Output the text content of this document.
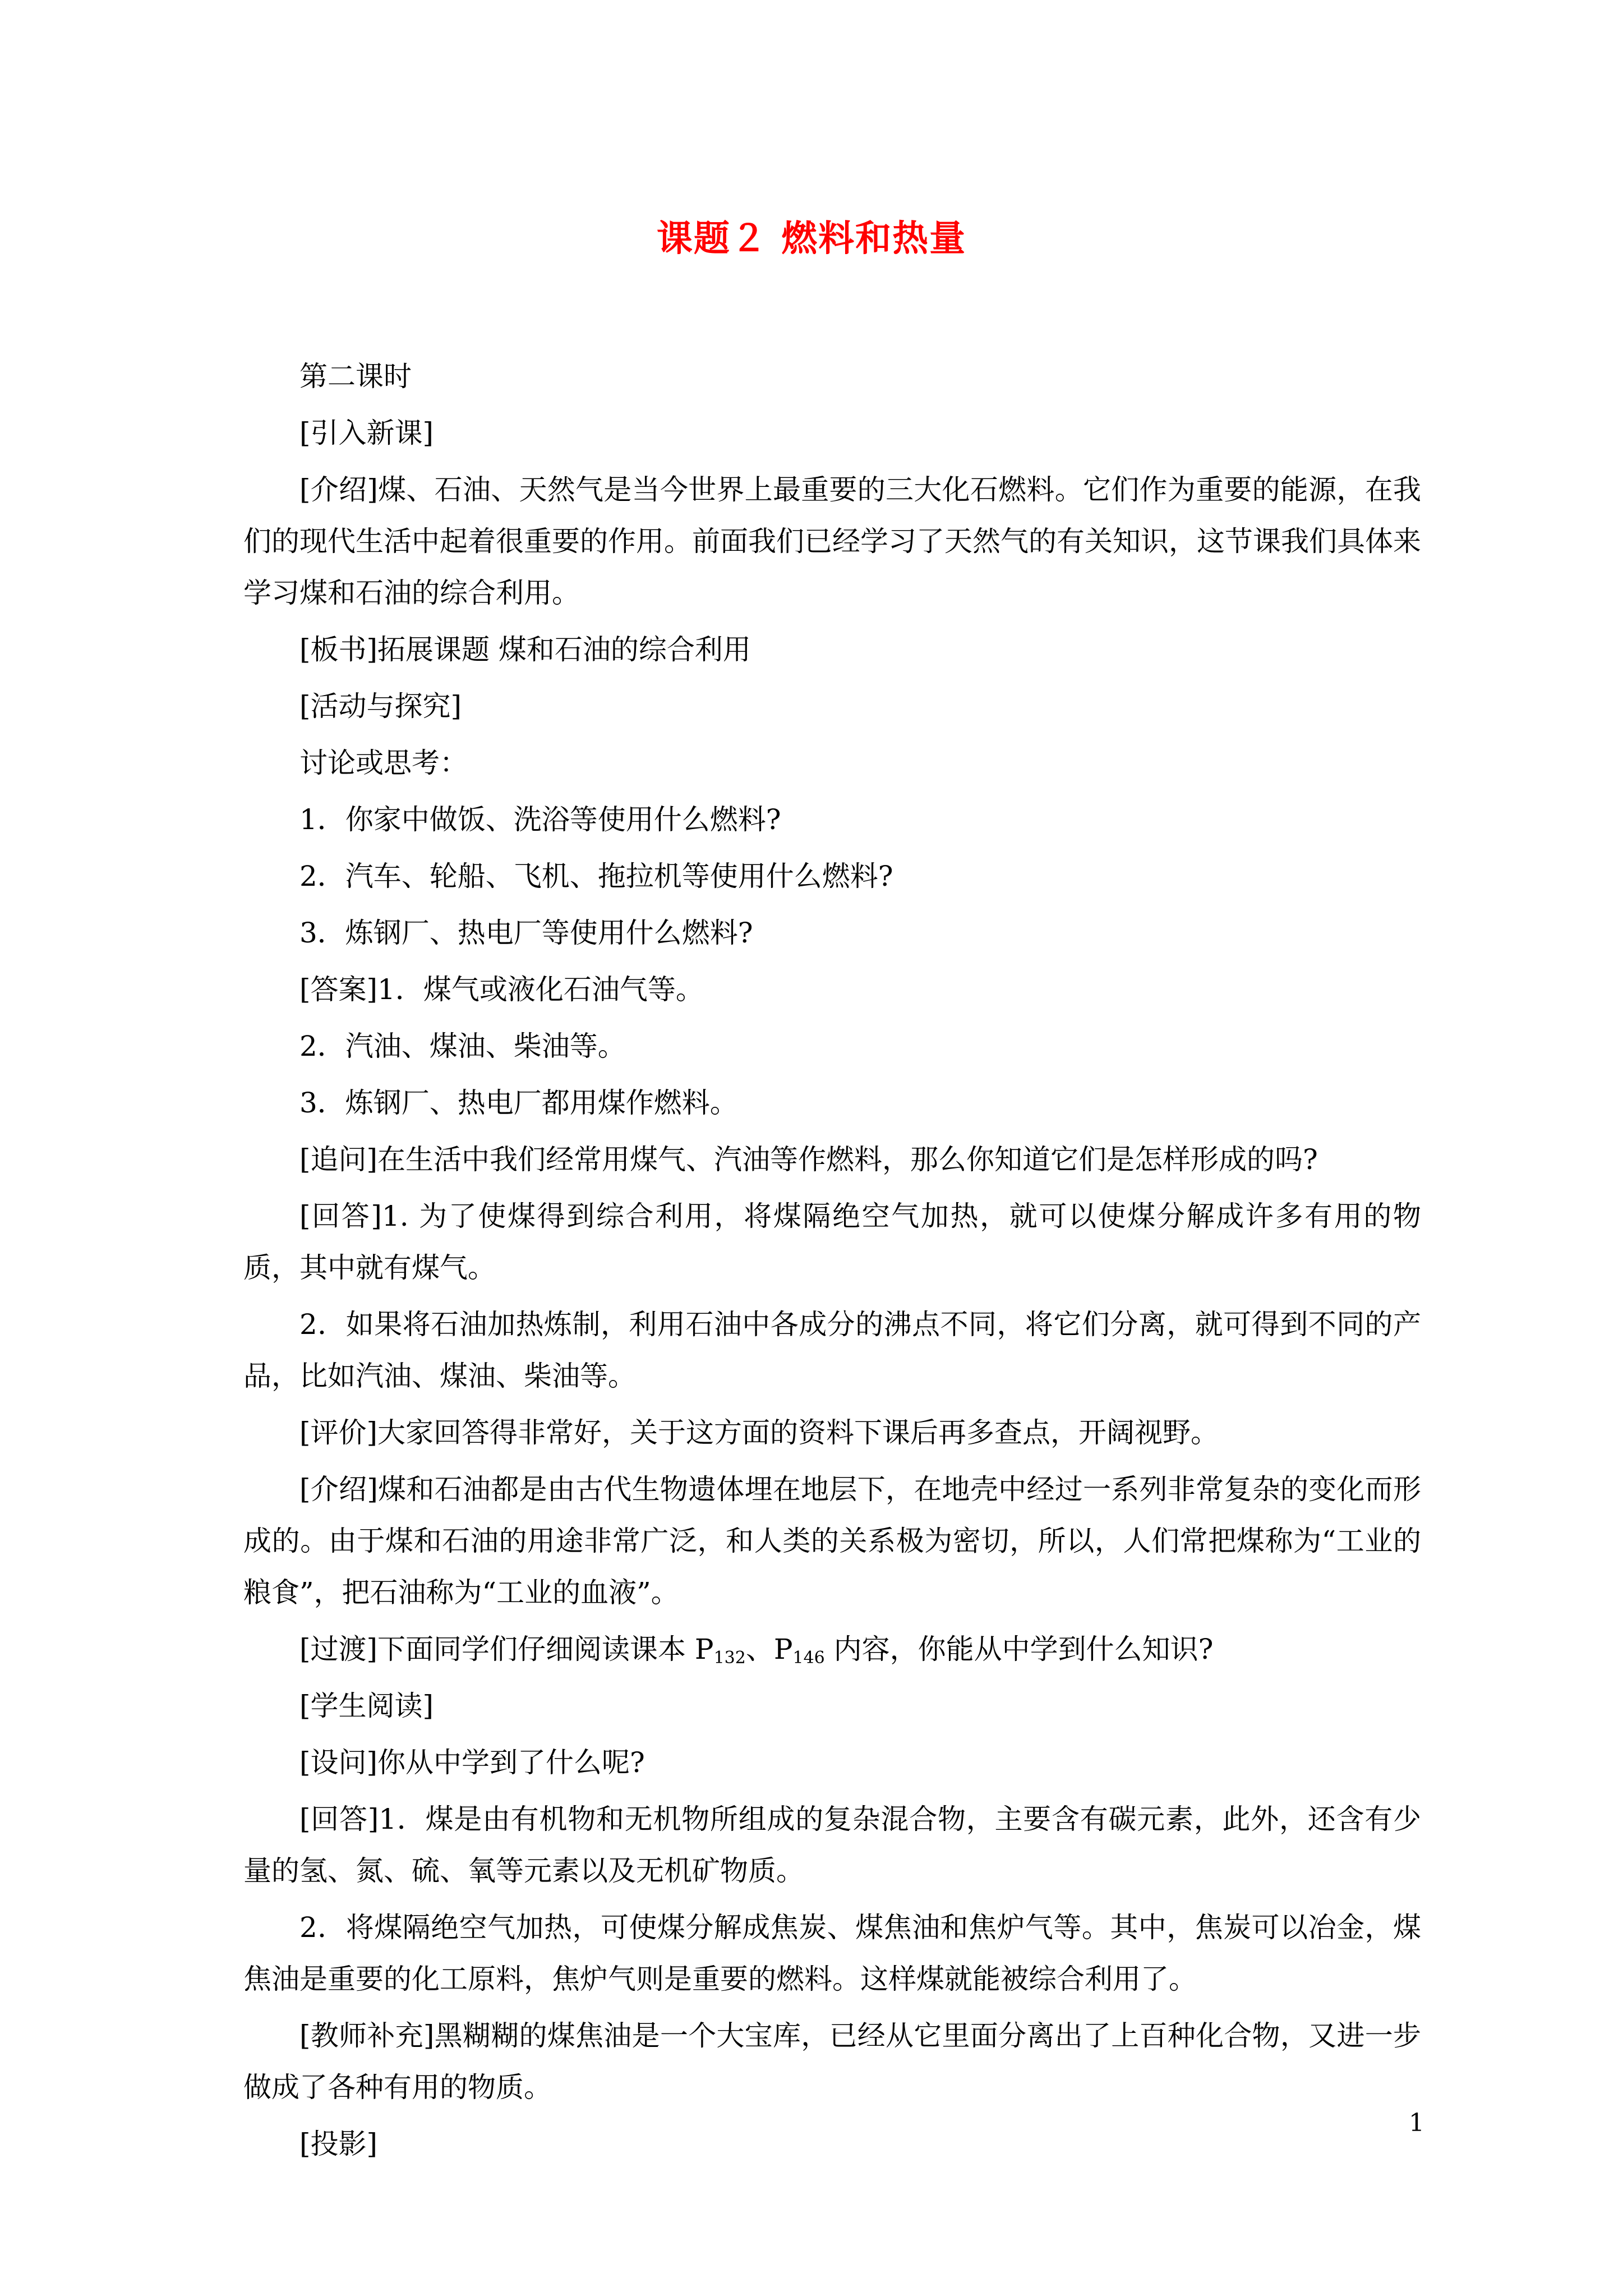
课题２ 燃料和热量

第二课时

[引入新课]

[介绍]煤、石油、天然气是当今世界上最重要的三大化石燃料。它们作为重要的能源，在我们的现代生活中起着很重要的作用。前面我们已经学习了天然气的有关知识，这节课我们具体来学习煤和石油的综合利用。

[板书]拓展课题 煤和石油的综合利用

[活动与探究]

讨论或思考：

1．你家中做饭、洗浴等使用什么燃料?

2．汽车、轮船、飞机、拖拉机等使用什么燃料?

3．炼钢厂、热电厂等使用什么燃料?

[答案]1．煤气或液化石油气等。

2．汽油、煤油、柴油等。

3．炼钢厂、热电厂都用煤作燃料。

[追问]在生活中我们经常用煤气、汽油等作燃料，那么你知道它们是怎样形成的吗?

[回答]1. 为了使煤得到综合利用，将煤隔绝空气加热，就可以使煤分解成许多有用的物质，其中就有煤气。

2．如果将石油加热炼制，利用石油中各成分的沸点不同，将它们分离，就可得到不同的产品，比如汽油、煤油、柴油等。

[评价]大家回答得非常好，关于这方面的资料下课后再多查点，开阔视野。

[介绍]煤和石油都是由古代生物遗体埋在地层下，在地壳中经过一系列非常复杂的变化而形成的。由于煤和石油的用途非常广泛，和人类的关系极为密切，所以，人们常把煤称为“工业的粮食”，把石油称为“工业的血液”。

[过渡]下面同学们仔细阅读课本 $P_{132}$、$P_{146}$ 内容，你能从中学到什么知识?

[学生阅读]

[设问]你从中学到了什么呢?

[回答]1．煤是由有机物和无机物所组成的复杂混合物，主要含有碳元素，此外，还含有少量的氢、氮、硫、氧等元素以及无机矿物质。

2．将煤隔绝空气加热，可使煤分解成焦炭、煤焦油和焦炉气等。其中，焦炭可以冶金，煤焦油是重要的化工原料，焦炉气则是重要的燃料。这样煤就能被综合利用了。

[教师补充]黑糊糊的煤焦油是一个大宝库，已经从它里面分离出了上百种化合物，又进一步做成了各种有用的物质。

[投影]

1
